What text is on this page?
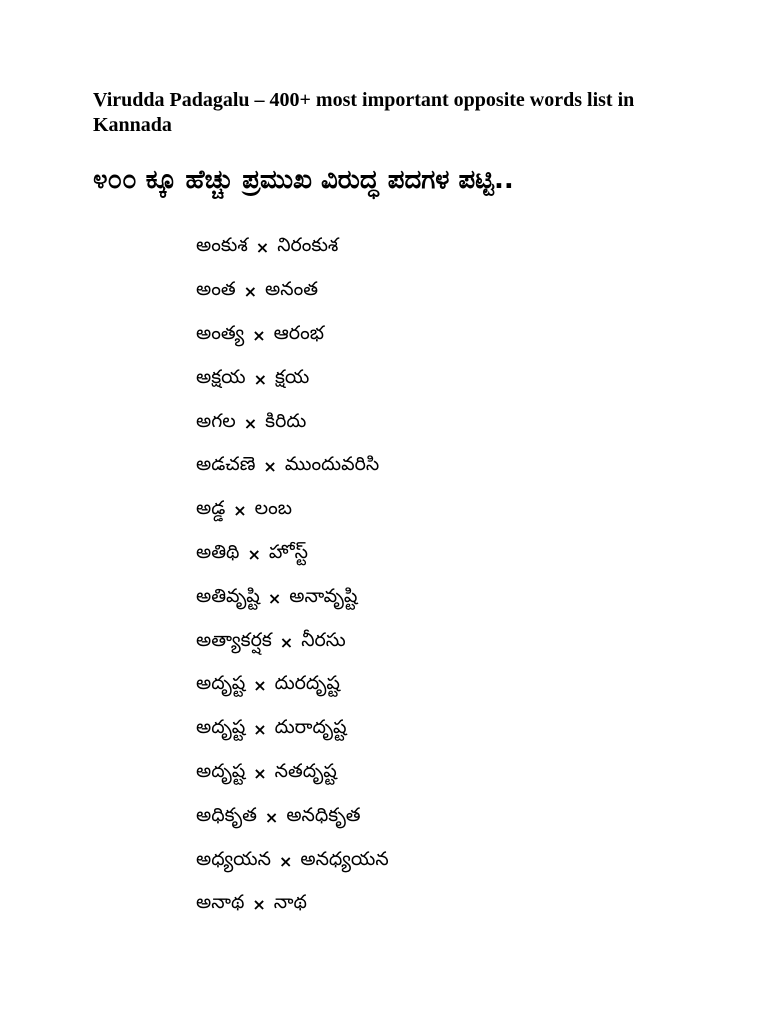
Virudda Padagalu – 400+ most important opposite words list in Kannada
೪೦೦ ಕ್ಕೂ ಹೆಚ್ಚು ಪ್ರಮುಖ ವಿರುದ್ಧ ಪದಗಳ ಪಟ್ಟಿ..
అంకుశ × నిరంకుశ
అంత × అనంత
అంత్య × ఆరంభ
అక్షయ × క్షయ
అగల × కిరిదు
అడచణె × ముందువరిసి
అడ్డ × లంబ
అతిథి × హోస్ట్
అతివృష్టి × అనావృష్టి
అత్యాకర్షక × నీరసు
అదృష్ట × దురదృష్ట
అదృష్ట × దురాదృష్ట
అదృష్ట × నతదృష్ట
అధికృత × అనధికృత
అధ్యయన × అనధ్యయన
అనాథ × నాథ
